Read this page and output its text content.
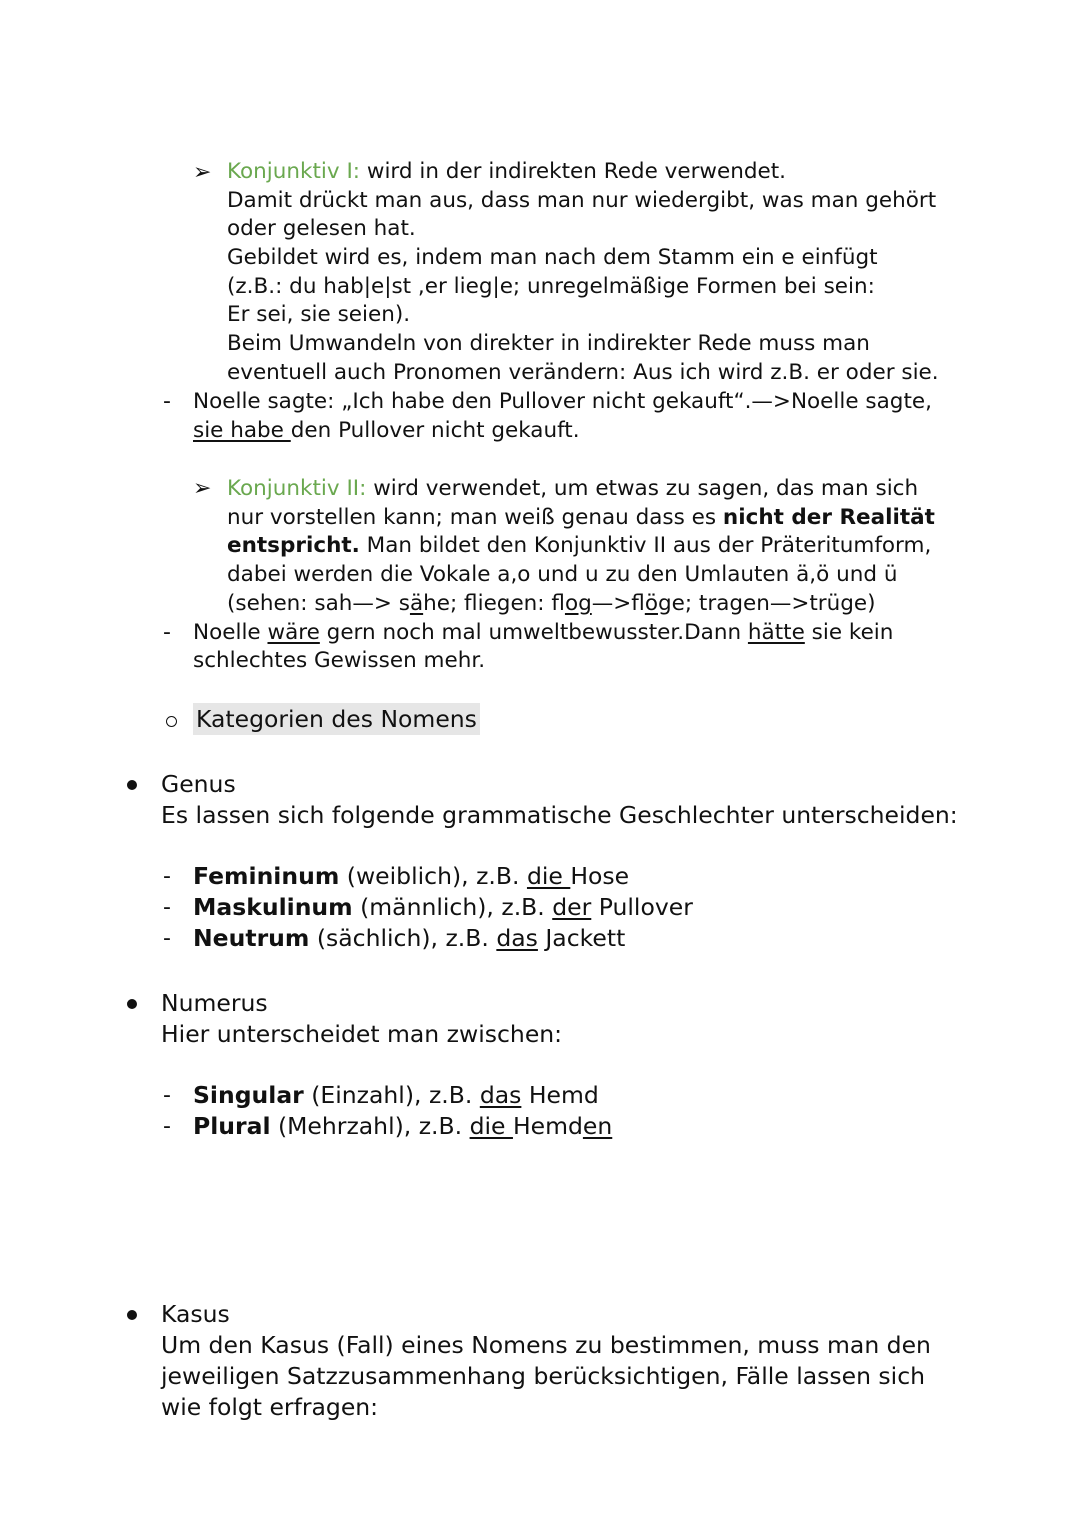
➢ Konjunktiv I: wird in der indirekten Rede verwendet.
Damit drückt man aus, dass man nur wiedergibt, was man gehört
oder gelesen hat.
Gebildet wird es, indem man nach dem Stamm ein e einfügt
(z.B.: du hab|e|st ,er lieg|e; unregelmäßige Formen bei sein:
Er sei, sie seien).
Beim Umwandeln von direkter in indirekter Rede muss man
eventuell auch Pronomen verändern: Aus ich wird z.B. er oder sie.
- Noelle sagte: „Ich habe den Pullover nicht gekauft“.—>Noelle sagte,
sie habe den Pullover nicht gekauft.
➢ Konjunktiv II: wird verwendet, um etwas zu sagen, das man sich
nur vorstellen kann; man weiß genau dass es nicht der Realität
entspricht. Man bildet den Konjunktiv II aus der Präteritumform,
dabei werden die Vokale a,o und u zu den Umlauten ä,ö und ü
(sehen: sah—> sähe; fliegen: flog—>flöge; tragen—>trüge)
- Noelle wäre gern noch mal umweltbewusster.Dann hätte sie kein
schlechtes Gewissen mehr.
Kategorien des Nomens
Genus
Es lassen sich folgende grammatische Geschlechter unterscheiden:
- Femininum (weiblich), z.B. die Hose
- Maskulinum (männlich), z.B. der Pullover
- Neutrum (sächlich), z.B. das Jackett
Numerus
Hier unterscheidet man zwischen:
- Singular (Einzahl), z.B. das Hemd
- Plural (Mehrzahl), z.B. die Hemden
Kasus
Um den Kasus (Fall) eines Nomens zu bestimmen, muss man den
jeweiligen Satzzusammenhang berücksichtigen, Fälle lassen sich
wie folgt erfragen:
